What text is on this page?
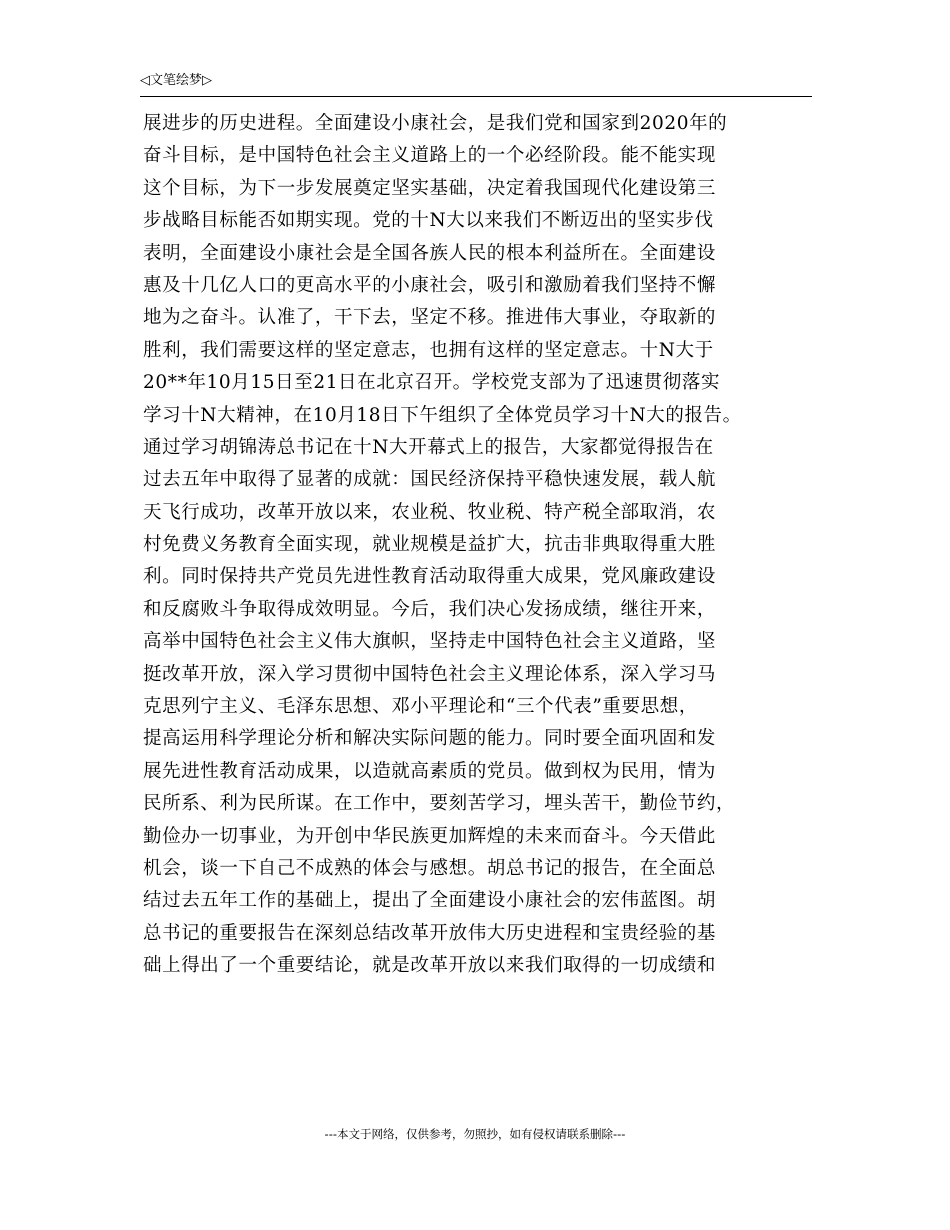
◁文笔绘梦▷
展进步的历史进程。全面建设小康社会，是我们党和国家到2020年的
奋斗目标，是中国特色社会主义道路上的一个必经阶段。能不能实现
这个目标，为下一步发展奠定坚实基础，决定着我国现代化建设第三
步战略目标能否如期实现。党的十N大以来我们不断迈出的坚实步伐
表明，全面建设小康社会是全国各族人民的根本利益所在。全面建设
惠及十几亿人口的更高水平的小康社会，吸引和激励着我们坚持不懈
地为之奋斗。认准了，干下去，坚定不移。推进伟大事业，夺取新的
胜利，我们需要这样的坚定意志，也拥有这样的坚定意志。十N大于
20**年10月15日至21日在北京召开。学校党支部为了迅速贯彻落实
学习十N大精神，在10月18日下午组织了全体党员学习十N大的报告。
通过学习胡锦涛总书记在十N大开幕式上的报告，大家都觉得报告在
过去五年中取得了显著的成就：国民经济保持平稳快速发展，载人航
天飞行成功，改革开放以来，农业税、牧业税、特产税全部取消，农
村免费义务教育全面实现，就业规模是益扩大，抗击非典取得重大胜
利。同时保持共产党员先进性教育活动取得重大成果，党风廉政建设
和反腐败斗争取得成效明显。今后，我们决心发扬成绩，继往开来，
高举中国特色社会主义伟大旗帜，坚持走中国特色社会主义道路，坚
挺改革开放，深入学习贯彻中国特色社会主义理论体系，深入学习马
克思列宁主义、毛泽东思想、邓小平理论和“三个代表”重要思想，
提高运用科学理论分析和解决实际问题的能力。同时要全面巩固和发
展先进性教育活动成果，以造就高素质的党员。做到权为民用，情为
民所系、利为民所谋。在工作中，要刻苦学习，埋头苦干，勤俭节约，
勤俭办一切事业，为开创中华民族更加辉煌的未来而奋斗。今天借此
机会，谈一下自己不成熟的体会与感想。胡总书记的报告，在全面总
结过去五年工作的基础上，提出了全面建设小康社会的宏伟蓝图。胡
总书记的重要报告在深刻总结改革开放伟大历史进程和宝贵经验的基
础上得出了一个重要结论，就是改革开放以来我们取得的一切成绩和
---本文于网络，仅供参考，勿照抄，如有侵权请联系删除---
